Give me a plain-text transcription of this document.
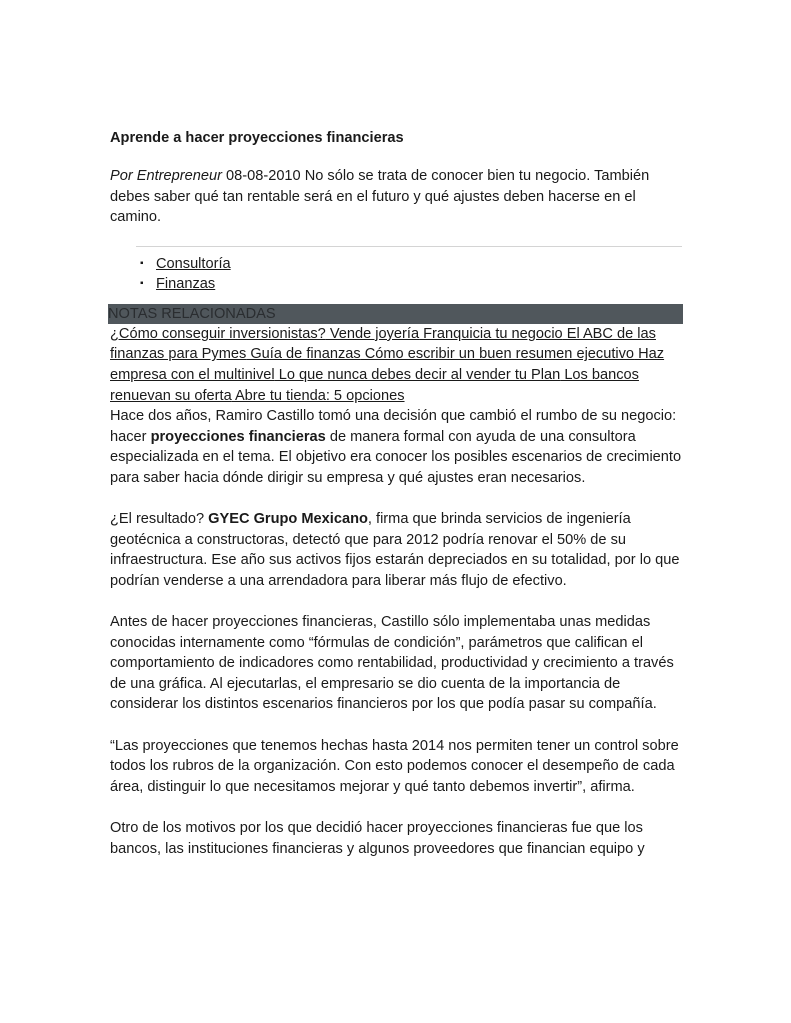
Aprende a hacer proyecciones financieras

Por Entrepreneur 08-08-2010 No sólo se trata de conocer bien tu negocio. También debes saber qué tan rentable será en el futuro y qué ajustes deben hacerse en el camino.

▪ Consultoría
▪ Finanzas
NOTAS RELACIONADAS

¿Cómo conseguir inversionistas? Vende joyería Franquicia tu negocio El ABC de las finanzas para Pymes Guía de finanzas Cómo escribir un buen resumen ejecutivo Haz empresa con el multinivel Lo que nunca debes decir al vender tu Plan Los bancos renuevan su oferta Abre tu tienda: 5 opciones

Hace dos años, Ramiro Castillo tomó una decisión que cambió el rumbo de su negocio: hacer proyecciones financieras de manera formal con ayuda de una consultora especializada en el tema. El objetivo era conocer los posibles escenarios de crecimiento para saber hacia dónde dirigir su empresa y qué ajustes eran necesarios.

¿El resultado? GYEC Grupo Mexicano, firma que brinda servicios de ingeniería geotécnica a constructoras, detectó que para 2012 podría renovar el 50% de su infraestructura. Ese año sus activos fijos estarán depreciados en su totalidad, por lo que podrían venderse a una arrendadora para liberar más flujo de efectivo.

Antes de hacer proyecciones financieras, Castillo sólo implementaba unas medidas conocidas internamente como “fórmulas de condición”, parámetros que califican el comportamiento de indicadores como rentabilidad, productividad y crecimiento a través de una gráfica. Al ejecutarlas, el empresario se dio cuenta de la importancia de considerar los distintos escenarios financieros por los que podía pasar su compañía.

“Las proyecciones que tenemos hechas hasta 2014 nos permiten tener un control sobre todos los rubros de la organización. Con esto podemos conocer el desempeño de cada área, distinguir lo que necesitamos mejorar y qué tanto debemos invertir”, afirma.

Otro de los motivos por los que decidió hacer proyecciones financieras fue que los bancos, las instituciones financieras y algunos proveedores que financian equipo y
